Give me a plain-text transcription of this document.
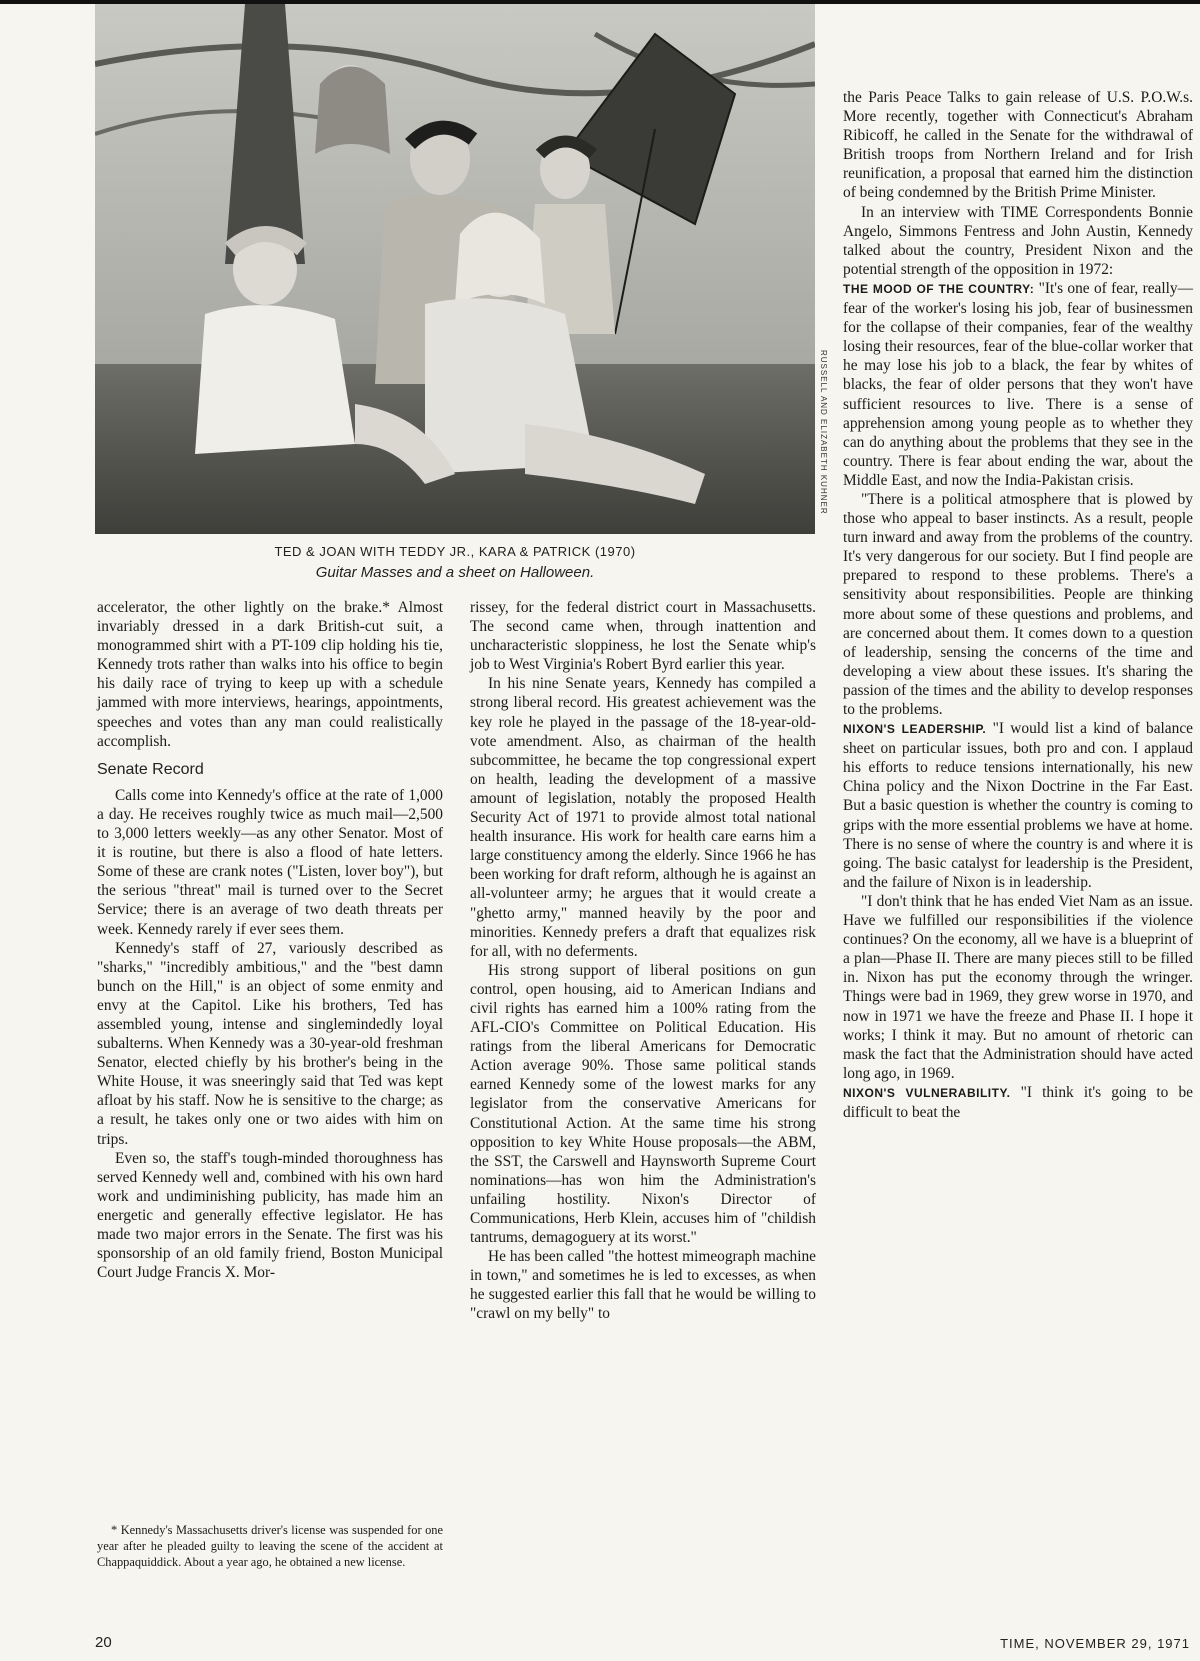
RUSSELL AND ELIZABETH KUHNER
TED & JOAN WITH TEDDY JR., KARA & PATRICK (1970)
Guitar Masses and a sheet on Halloween.

accelerator, the other lightly on the brake.* Almost invariably dressed in a dark British-cut suit, a monogrammed shirt with a PT-109 clip holding his tie, Kennedy trots rather than walks into his office to begin his daily race of trying to keep up with a schedule jammed with more interviews, hearings, appointments, speeches and votes than any man could realistically accomplish.

Senate Record

Calls come into Kennedy's office at the rate of 1,000 a day. He receives roughly twice as much mail—2,500 to 3,000 letters weekly—as any other Senator. Most of it is routine, but there is also a flood of hate letters. Some of these are crank notes ("Listen, lover boy"), but the serious "threat" mail is turned over to the Secret Service; there is an average of two death threats per week. Kennedy rarely if ever sees them.

Kennedy's staff of 27, variously described as "sharks," "incredibly ambitious," and the "best damn bunch on the Hill," is an object of some enmity and envy at the Capitol. Like his brothers, Ted has assembled young, intense and singlemindedly loyal subalterns. When Kennedy was a 30-year-old freshman Senator, elected chiefly by his brother's being in the White House, it was sneeringly said that Ted was kept afloat by his staff. Now he is sensitive to the charge; as a result, he takes only one or two aides with him on trips.

Even so, the staff's tough-minded thoroughness has served Kennedy well and, combined with his own hard work and undiminishing publicity, has made him an energetic and generally effective legislator. He has made two major errors in the Senate. The first was his sponsorship of an old family friend, Boston Municipal Court Judge Francis X. Mor-

* Kennedy's Massachusetts driver's license was suspended for one year after he pleaded guilty to leaving the scene of the accident at Chappaquiddick. About a year ago, he obtained a new license.

rissey, for the federal district court in Massachusetts. The second came when, through inattention and uncharacteristic sloppiness, he lost the Senate whip's job to West Virginia's Robert Byrd earlier this year.

In his nine Senate years, Kennedy has compiled a strong liberal record. His greatest achievement was the key role he played in the passage of the 18-year-old-vote amendment. Also, as chairman of the health subcommittee, he became the top congressional expert on health, leading the development of a massive amount of legislation, notably the proposed Health Security Act of 1971 to provide almost total national health insurance. His work for health care earns him a large constituency among the elderly. Since 1966 he has been working for draft reform, although he is against an all-volunteer army; he argues that it would create a "ghetto army," manned heavily by the poor and minorities. Kennedy prefers a draft that equalizes risk for all, with no deferments.

His strong support of liberal positions on gun control, open housing, aid to American Indians and civil rights has earned him a 100% rating from the AFL-CIO's Committee on Political Education. His ratings from the liberal Americans for Democratic Action average 90%. Those same political stands earned Kennedy some of the lowest marks for any legislator from the conservative Americans for Constitutional Action. At the same time his strong opposition to key White House proposals—the ABM, the SST, the Carswell and Haynsworth Supreme Court nominations—has won him the Administration's unfailing hostility. Nixon's Director of Communications, Herb Klein, accuses him of "childish tantrums, demagoguery at its worst."

He has been called "the hottest mimeograph machine in town," and sometimes he is led to excesses, as when he suggested earlier this fall that he would be willing to "crawl on my belly" to

the Paris Peace Talks to gain release of U.S. P.O.W.s. More recently, together with Connecticut's Abraham Ribicoff, he called in the Senate for the withdrawal of British troops from Northern Ireland and for Irish reunification, a proposal that earned him the distinction of being condemned by the British Prime Minister.

In an interview with TIME Correspondents Bonnie Angelo, Simmons Fentress and John Austin, Kennedy talked about the country, President Nixon and the potential strength of the opposition in 1972:

THE MOOD OF THE COUNTRY: "It's one of fear, really—fear of the worker's losing his job, fear of businessmen for the collapse of their companies, fear of the wealthy losing their resources, fear of the blue-collar worker that he may lose his job to a black, the fear by whites of blacks, the fear of older persons that they won't have sufficient resources to live. There is a sense of apprehension among young people as to whether they can do anything about the problems that they see in the country. There is fear about ending the war, about the Middle East, and now the India-Pakistan crisis.

"There is a political atmosphere that is plowed by those who appeal to baser instincts. As a result, people turn inward and away from the problems of the country. It's very dangerous for our society. But I find people are prepared to respond to these problems. There's a sensitivity about responsibilities. People are thinking more about some of these questions and problems, and are concerned about them. It comes down to a question of leadership, sensing the concerns of the time and developing a view about these issues. It's sharing the passion of the times and the ability to develop responses to the problems.

NIXON'S LEADERSHIP. "I would list a kind of balance sheet on particular issues, both pro and con. I applaud his efforts to reduce tensions internationally, his new China policy and the Nixon Doctrine in the Far East. But a basic question is whether the country is coming to grips with the more essential problems we have at home. There is no sense of where the country is and where it is going. The basic catalyst for leadership is the President, and the failure of Nixon is in leadership.

"I don't think that he has ended Viet Nam as an issue. Have we fulfilled our responsibilities if the violence continues? On the economy, all we have is a blueprint of a plan—Phase II. There are many pieces still to be filled in. Nixon has put the economy through the wringer. Things were bad in 1969, they grew worse in 1970, and now in 1971 we have the freeze and Phase II. I hope it works; I think it may. But no amount of rhetoric can mask the fact that the Administration should have acted long ago, in 1969.

NIXON'S VULNERABILITY. "I think it's going to be difficult to beat the

20	TIME, NOVEMBER 29, 1971
